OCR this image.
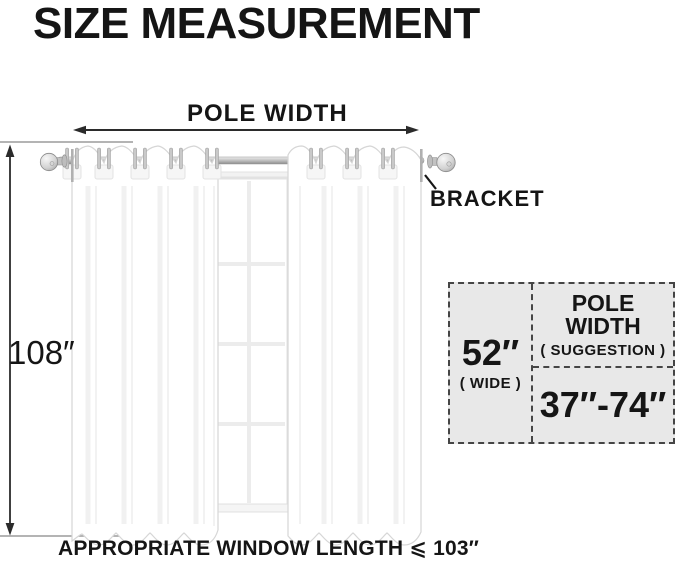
SIZE MEASUREMENT
POLE WIDTH
BRACKET
108″
APPROPRIATE WINDOW LENGTH ⩽ 103″
52″
( WIDE )
POLE WIDTH
( SUGGESTION )
37″-74″
